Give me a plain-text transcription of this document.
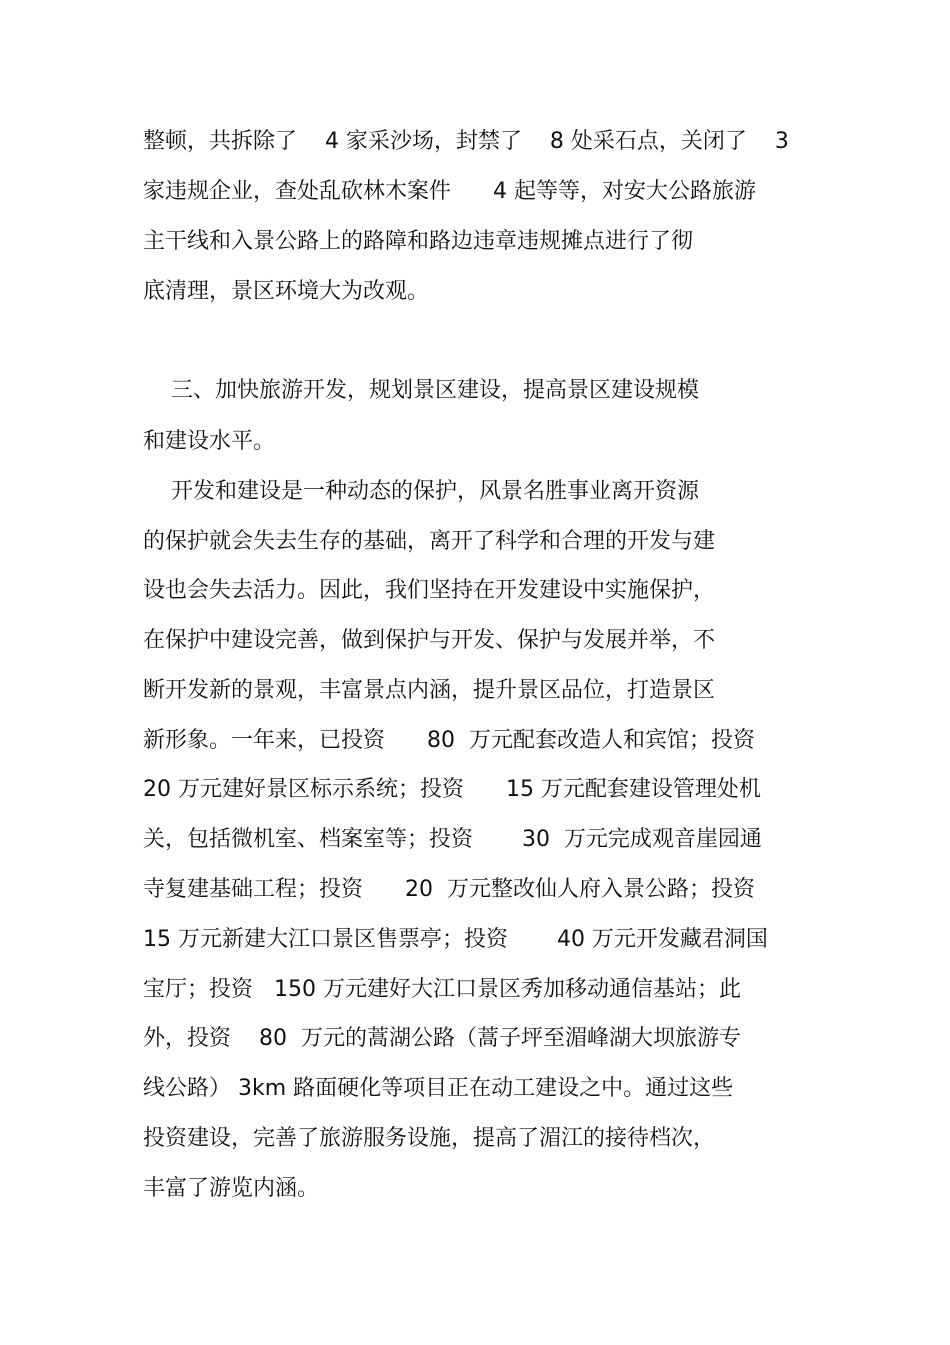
整顿，共拆除了    4 家采沙场，封禁了    8 处采石点，关闭了    3
家违规企业，查处乱砍林木案件      4 起等等，对安大公路旅游
主干线和入景公路上的路障和路边违章违规摊点进行了彻
底清理，景区环境大为改观。
三、加快旅游开发，规划景区建设，提高景区建设规模
和建设水平。
开发和建设是一种动态的保护，风景名胜事业离开资源
的保护就会失去生存的基础，离开了科学和合理的开发与建
设也会失去活力。因此，我们坚持在开发建设中实施保护，
在保护中建设完善，做到保护与开发、保护与发展并举，不
断开发新的景观，丰富景点内涵，提升景区品位，打造景区
新形象。一年来，已投资      80  万元配套改造人和宾馆；投资
20 万元建好景区标示系统；投资      15 万元配套建设管理处机
关，包括微机室、档案室等；投资       30  万元完成观音崖园通
寺复建基础工程；投资      20  万元整改仙人府入景公路；投资
15 万元新建大江口景区售票亭；投资       40 万元开发藏君洞国
宝厅；投资   150 万元建好大江口景区秀加移动通信基站；此
外，投资    80  万元的蒿湖公路（蒿子坪至湄峰湖大坝旅游专
线公路） 3km 路面硬化等项目正在动工建设之中。通过这些
投资建设，完善了旅游服务设施，提高了湄江的接待档次，
丰富了游览内涵。
